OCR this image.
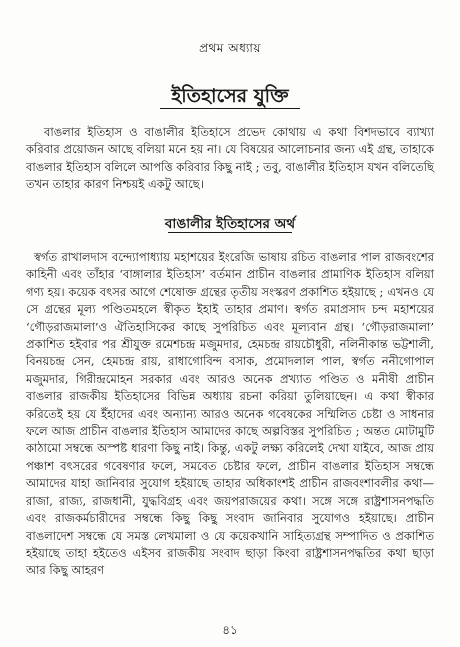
প্রথম অধ্যায়
ইতিহাসের যুক্তি

বাঙলার ইতিহাস ও বাঙালীর ইতিহাসে প্রভেদ কোথায় এ কথা বিশদভাবে ব্যাখ্যা করিবার প্রয়োজন আছে বলিয়া মনে হয় না। যে বিষয়ের আলোচনার জন্য এই গ্রন্থ, তাহাকে বাঙলার ইতিহাস বলিলে আপত্তি করিবার কিছু নাই ; তবু, বাঙালীর ইতিহাস যখন বলিতেছি তখন তাহার কারণ নিশ্চয়ই একটু আছে।

বাঙালীর ইতিহাসের অর্থ

স্বর্গত রাখালদাস বন্দ্যোপাধ্যায় মহাশয়ের ইংরেজি ভাষায় রচিত বাঙলার পাল রাজবংশের কাহিনী এবং তাঁহার ‘বাঙ্গালার ইতিহাস’ বর্তমান প্রাচীন বাঙলার প্রামাণিক ইতিহাস বলিয়া গণ্য হয়। কয়েক বৎসর আগে শেষোক্ত গ্রন্থের তৃতীয় সংস্করণ প্রকাশিত হইয়াছে ; এখনও যে সে গ্রন্থের মূল্য পণ্ডিতমহলে স্বীকৃত ইহাই তাহার প্রমাণ। স্বর্গত রমাপ্রসাদ চন্দ মহাশয়ের ‘গৌড়রাজমালা’ও ঐতিহাসিকের কাছে সুপরিচিত এবং মূল্যবান গ্রন্থ। ‘গৌড়রাজমালা’ প্রকাশিত হইবার পর শ্রীযুক্ত রমেশচন্দ্র মজুমদার, হেমচন্দ্র রায়চৌধুরী, নলিনীকান্ত ভট্টশালী, বিনয়চন্দ্র সেন, হেমচন্দ্র রায়, রাধাগোবিন্দ বসাক, প্রমোদলাল পাল, স্বর্গত ননীগোপাল মজুমদার, গিরীন্দ্রমোহন সরকার এবং আরও অনেক প্রখ্যাত পণ্ডিত ও মনীষী প্রাচীন বাঙলার রাজকীয় ইতিহাসের বিভিন্ন অধ্যায় রচনা করিয়া তুলিয়াছেন। এ কথা স্বীকার করিতেই হয় যে ইঁহাদের এবং অন্যান্য আরও অনেক গবেষকের সম্মিলিত চেষ্টা ও সাধনার ফলে আজ প্রাচীন বাঙলার ইতিহাস আমাদের কাছে অল্পবিস্তর সুপরিচিত ; অন্তত মোটামুটি কাঠামো সম্বন্ধে অস্পষ্ট ধারণা কিছু নাই। কিন্তু, একটু লক্ষ্য করিলেই দেখা যাইবে, আজ প্রায় পঞ্চাশ বৎসরের গবেষণার ফলে, সমবেত চেষ্টার ফলে, প্রাচীন বাঙলার ইতিহাস সম্বন্ধে আমাদের যাহা জানিবার সুযোগ হইয়াছে তাহার অধিকাংশই প্রাচীন রাজবংশাবলীর কথা—রাজা, রাজ্য, রাজধানী, যুদ্ধবিগ্রহ এবং জয়পরাজয়ের কথা। সঙ্গে সঙ্গে রাষ্ট্রশাসনপদ্ধতি এবং রাজকর্মচারীদের সম্বন্ধে কিছু কিছু সংবাদ জানিবার সুযোগও হইয়াছে। প্রাচীন বাঙলাদেশ সম্বন্ধে যে সমস্ত লেখমালা ও যে কয়েকখানি সাহিত্যগ্রন্থ সম্পাদিত ও প্রকাশিত হইয়াছে তাহা হইতেও এইসব রাজকীয় সংবাদ ছাড়া কিংবা রাষ্ট্রশাসনপদ্ধতির কথা ছাড়া আর কিছু আহরণ

৪১
